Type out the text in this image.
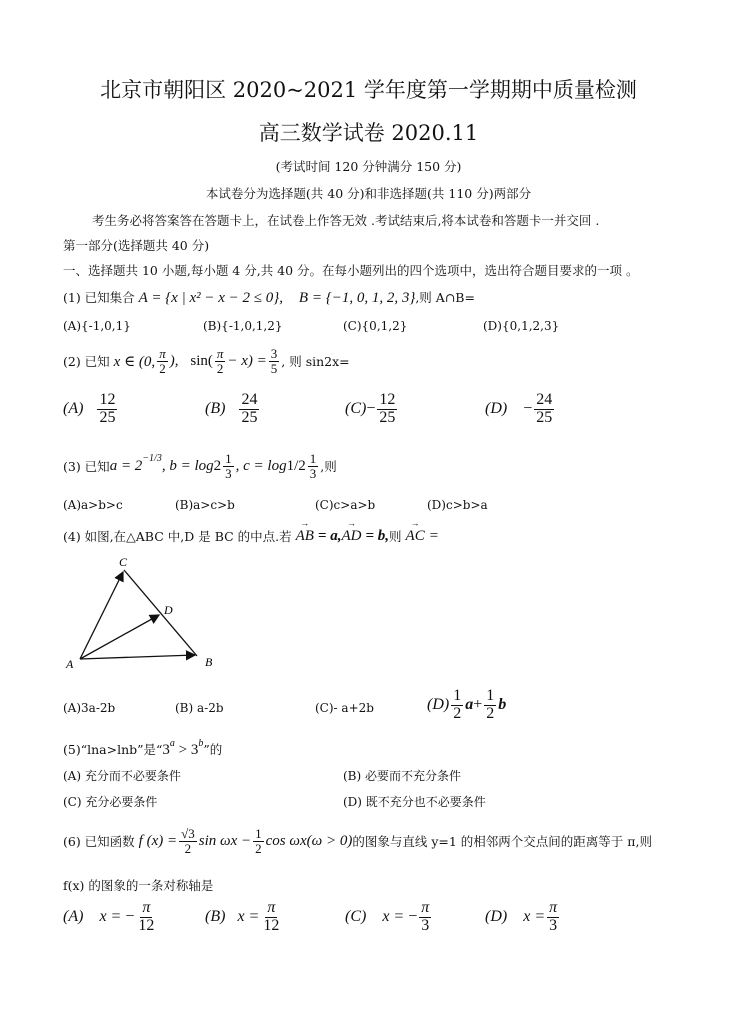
北京市朝阳区 2020~2021 学年度第一学期期中质量检测
高三数学试卷 2020.11
(考试时间 120 分钟满分 150 分)
本试卷分为选择题(共 40 分)和非选择题(共 110 分)两部分
考生务必将答案答在答题卡上，在试卷上作答无效 .考试结束后,将本试卷和答题卡一并交回 .
第一部分(选择题共 40 分)
一、选择题共 10 小题,每小题 4 分,共 40 分。在每小题列出的四个选项中，选出符合题目要求的一项 。
(1) 已知集合 A = {x | x² − x − 2 ≤ 0}, B = {−1, 0, 1, 2, 3},则 A∩B=
(A){-1,0,1}	(B){-1,0,1,2}	(C){0,1,2}	(D){0,1,2,3}
(2) 已知
x ∈ (0, $\frac{\pi}{2}$ ),
$\sin( \frac{\pi}{2} - x) = \frac{3}{5}$ , 则 sin2x=
(A)
$\frac{12}{25}$	(B)
$\frac{24}{25}$	$(C) - \frac{12}{25}$	(D)
− $\frac{24}{25}$
(3) 已知 $a = 2^{-1/3}$ , $b = \log 2 \frac{1}{3}$ , $c = \log 1/2 \frac{1}{3}$ ,则
(A)a>b>c	(B)a>c>b	(C)c>a>b	(D)c>b>a
(4) 如图,在△ABC 中,D 是 BC 的中点.若
→ AB
= a, → AD
= b, 则
→ AC
=
A	B
C
D
(A)3a-2b	(B) a-2b	(C)- a+2b	$(D) \frac{1}{2}$ $a + \frac{1}{2}$ b
(5)“lna>lnb”是“$3^a > 3^b$”的
(A) 充分而不必要条件	(B) 必要而不充分条件
(C) 充分必要条件	(D) 既不充分也不必要条件
(6) 已知函数
f $(x) = \frac{√3}{2}$ $\sin \omega x - \frac{1}{2}$ cos ωx(ω > 0) 的图象与直线 y=1 的相邻两个交点间的距离等于 π,则
f(x) 的图象的一条对称轴是
(A)
x =
− $\frac{\pi}{12}$	(B)
$x = \frac{\pi}{12}$	(C)
x =
− $\frac{\pi}{3}$	(D)
$x = \frac{\pi}{3}$
